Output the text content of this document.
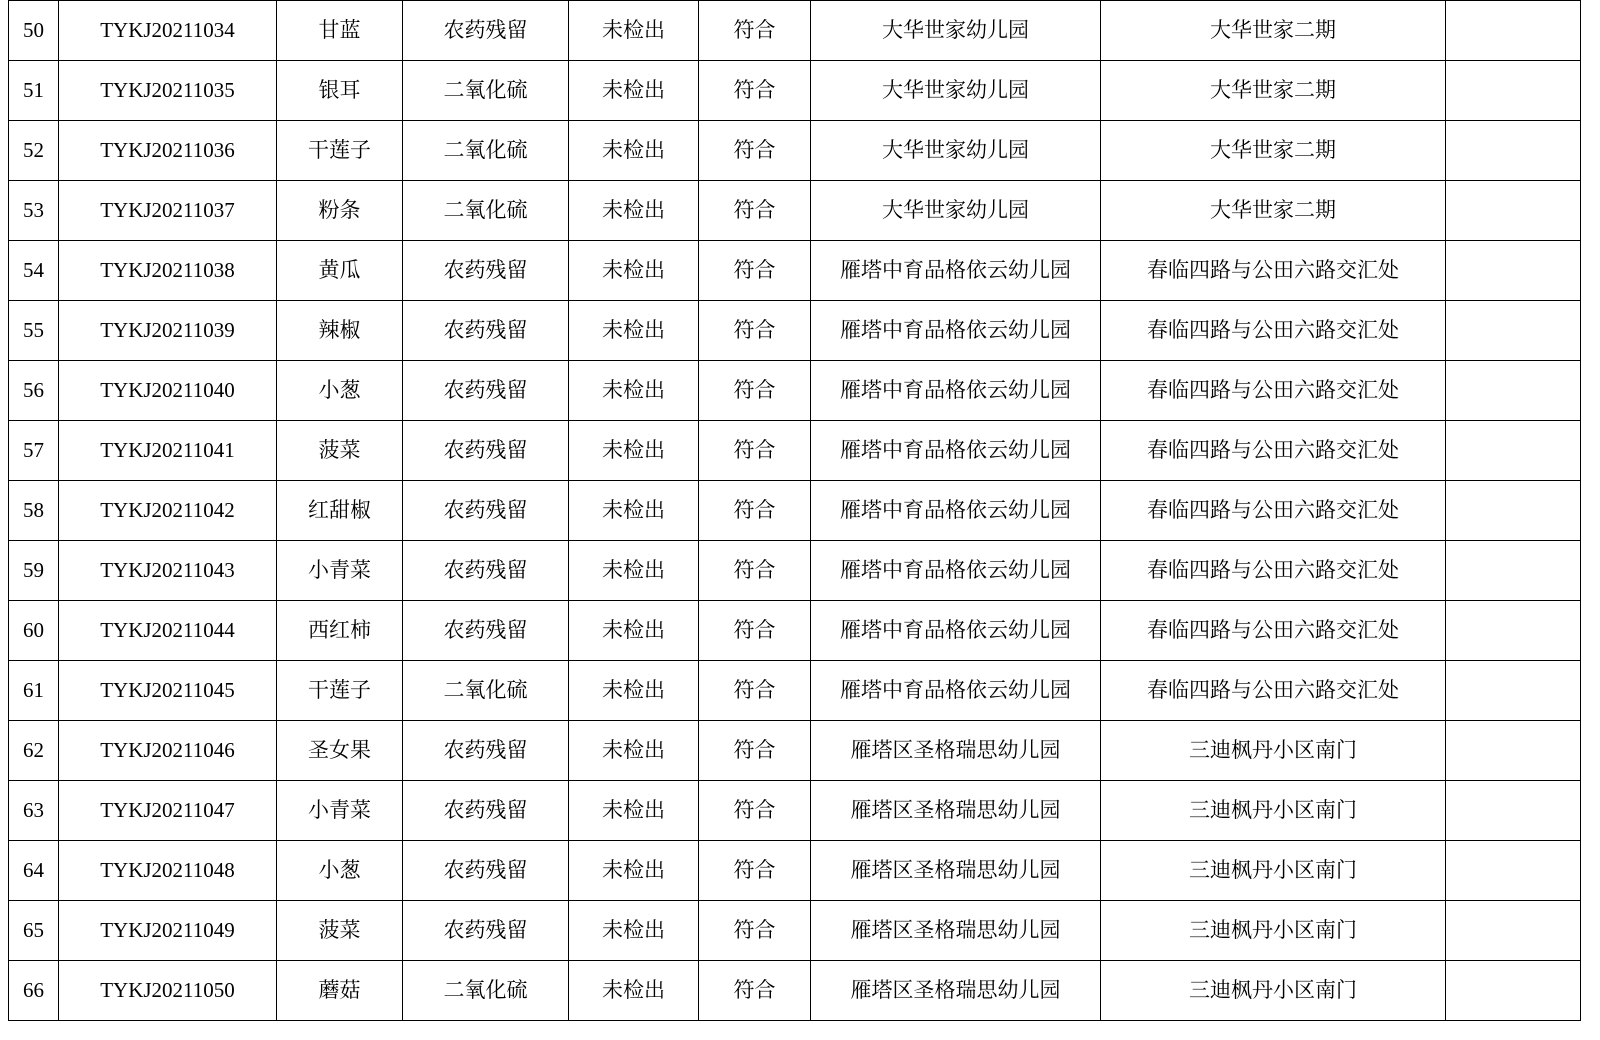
50	TYKJ20211034	甘蓝	农药残留	未检出	符合	大华世家幼儿园	大华世家二期	
51	TYKJ20211035	银耳	二氧化硫	未检出	符合	大华世家幼儿园	大华世家二期	
52	TYKJ20211036	干莲子	二氧化硫	未检出	符合	大华世家幼儿园	大华世家二期	
53	TYKJ20211037	粉条	二氧化硫	未检出	符合	大华世家幼儿园	大华世家二期	
54	TYKJ20211038	黄瓜	农药残留	未检出	符合	雁塔中育品格依云幼儿园	春临四路与公田六路交汇处	
55	TYKJ20211039	辣椒	农药残留	未检出	符合	雁塔中育品格依云幼儿园	春临四路与公田六路交汇处	
56	TYKJ20211040	小葱	农药残留	未检出	符合	雁塔中育品格依云幼儿园	春临四路与公田六路交汇处	
57	TYKJ20211041	菠菜	农药残留	未检出	符合	雁塔中育品格依云幼儿园	春临四路与公田六路交汇处	
58	TYKJ20211042	红甜椒	农药残留	未检出	符合	雁塔中育品格依云幼儿园	春临四路与公田六路交汇处	
59	TYKJ20211043	小青菜	农药残留	未检出	符合	雁塔中育品格依云幼儿园	春临四路与公田六路交汇处	
60	TYKJ20211044	西红柿	农药残留	未检出	符合	雁塔中育品格依云幼儿园	春临四路与公田六路交汇处	
61	TYKJ20211045	干莲子	二氧化硫	未检出	符合	雁塔中育品格依云幼儿园	春临四路与公田六路交汇处	
62	TYKJ20211046	圣女果	农药残留	未检出	符合	雁塔区圣格瑞思幼儿园	三迪枫丹小区南门	
63	TYKJ20211047	小青菜	农药残留	未检出	符合	雁塔区圣格瑞思幼儿园	三迪枫丹小区南门	
64	TYKJ20211048	小葱	农药残留	未检出	符合	雁塔区圣格瑞思幼儿园	三迪枫丹小区南门	
65	TYKJ20211049	菠菜	农药残留	未检出	符合	雁塔区圣格瑞思幼儿园	三迪枫丹小区南门	
66	TYKJ20211050	蘑菇	二氧化硫	未检出	符合	雁塔区圣格瑞思幼儿园	三迪枫丹小区南门	
